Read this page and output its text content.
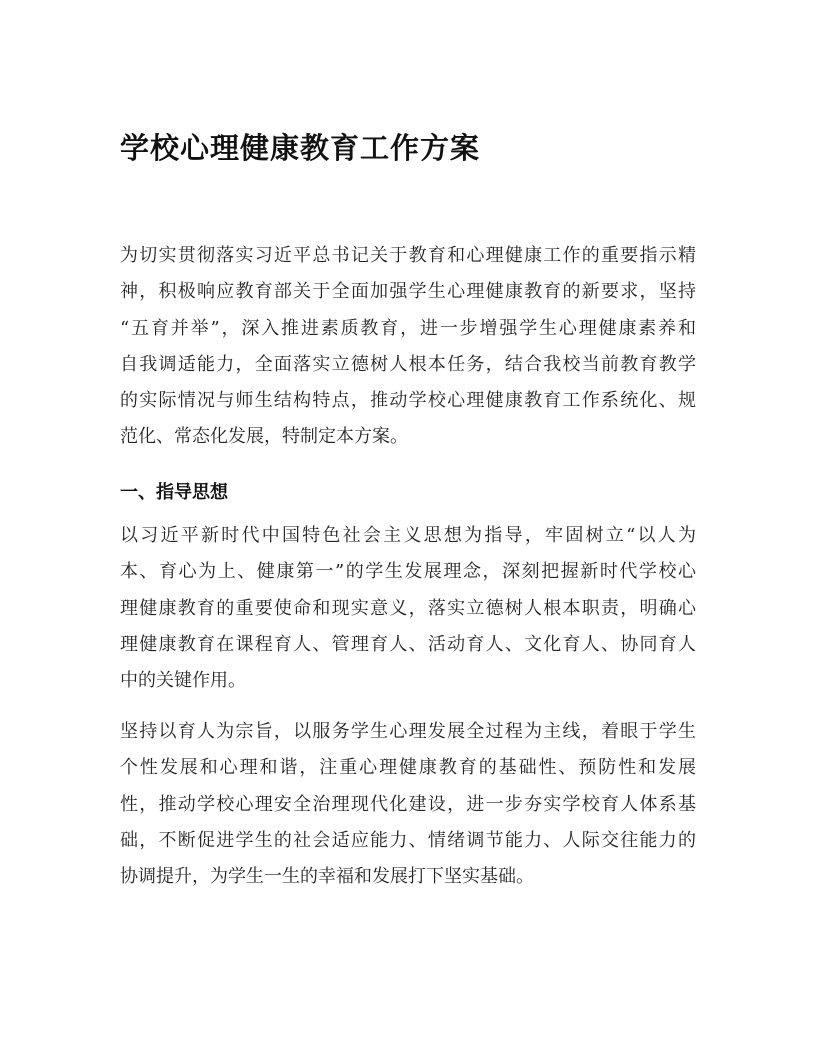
学校心理健康教育工作方案

为切实贯彻落实习近平总书记关于教育和心理健康工作的重要指示精
神，积极响应教育部关于全面加强学生心理健康教育的新要求，坚持
“五育并举”，深入推进素质教育，进一步增强学生心理健康素养和
自我调适能力，全面落实立德树人根本任务，结合我校当前教育教学
的实际情况与师生结构特点，推动学校心理健康教育工作系统化、规
范化、常态化发展，特制定本方案。

一、指导思想

以习近平新时代中国特色社会主义思想为指导，牢固树立“以人为
本、育心为上、健康第一”的学生发展理念，深刻把握新时代学校心
理健康教育的重要使命和现实意义，落实立德树人根本职责，明确心
理健康教育在课程育人、管理育人、活动育人、文化育人、协同育人
中的关键作用。

坚持以育人为宗旨，以服务学生心理发展全过程为主线，着眼于学生
个性发展和心理和谐，注重心理健康教育的基础性、预防性和发展
性，推动学校心理安全治理现代化建设，进一步夯实学校育人体系基
础，不断促进学生的社会适应能力、情绪调节能力、人际交往能力的
协调提升，为学生一生的幸福和发展打下坚实基础。
